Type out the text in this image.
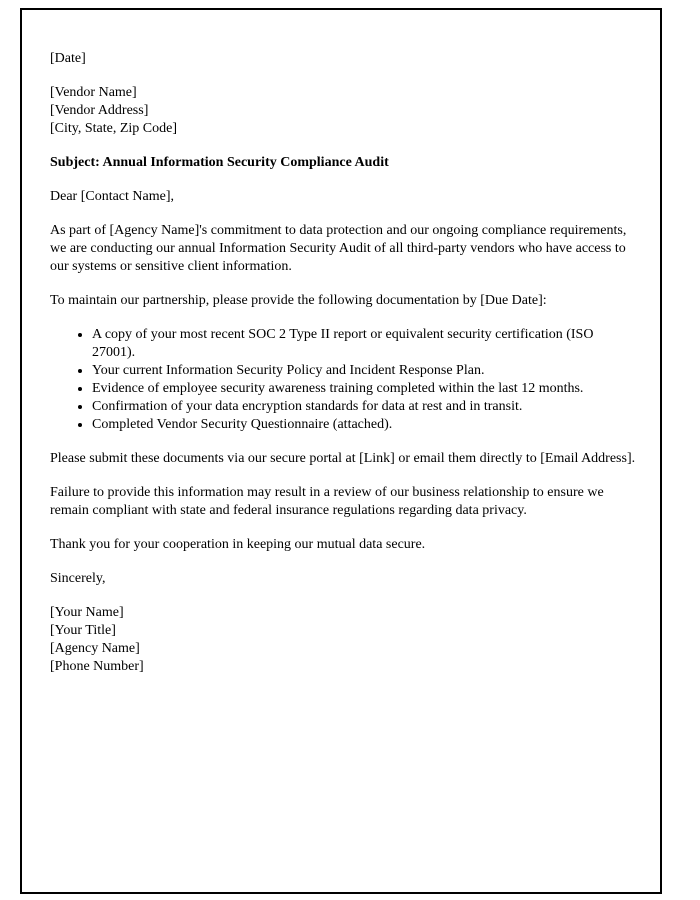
[Date]

[Vendor Name]
[Vendor Address]
[City, State, Zip Code]

Subject: Annual Information Security Compliance Audit

Dear [Contact Name],

As part of [Agency Name]'s commitment to data protection and our ongoing compliance requirements, we are conducting our annual Information Security Audit of all third-party vendors who have access to our systems or sensitive client information.

To maintain our partnership, please provide the following documentation by [Due Date]:

• A copy of your most recent SOC 2 Type II report or equivalent security certification (ISO 27001).
• Your current Information Security Policy and Incident Response Plan.
• Evidence of employee security awareness training completed within the last 12 months.
• Confirmation of your data encryption standards for data at rest and in transit.
• Completed Vendor Security Questionnaire (attached).

Please submit these documents via our secure portal at [Link] or email them directly to [Email Address].

Failure to provide this information may result in a review of our business relationship to ensure we remain compliant with state and federal insurance regulations regarding data privacy.

Thank you for your cooperation in keeping our mutual data secure.

Sincerely,

[Your Name]
[Your Title]
[Agency Name]
[Phone Number]
